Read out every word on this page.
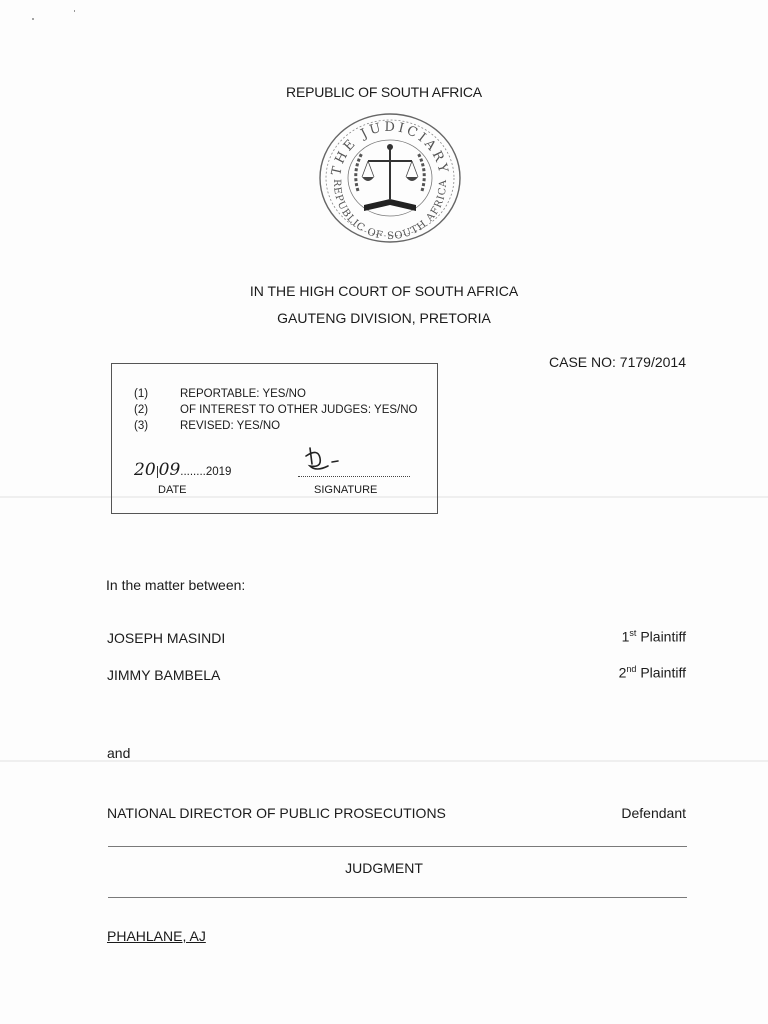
REPUBLIC OF SOUTH AFRICA
THE JUDICIARY
REPUBLIC OF SOUTH AFRICA
IN THE HIGH COURT OF SOUTH AFRICA
GAUTENG DIVISION, PRETORIA
CASE NO: 7179/2014
(1)	REPORTABLE: YES/NO
(2)	OF INTEREST TO OTHER JUDGES: YES/NO
(3)	REVISED: YES/NO
20 09........2019
DATE	SIGNATURE
In the matter between:
JOSEPH MASINDI	1st Plaintiff
JIMMY BAMBELA	2nd Plaintiff
and
NATIONAL DIRECTOR OF PUBLIC PROSECUTIONS	Defendant
JUDGMENT
PHAHLANE, AJ
